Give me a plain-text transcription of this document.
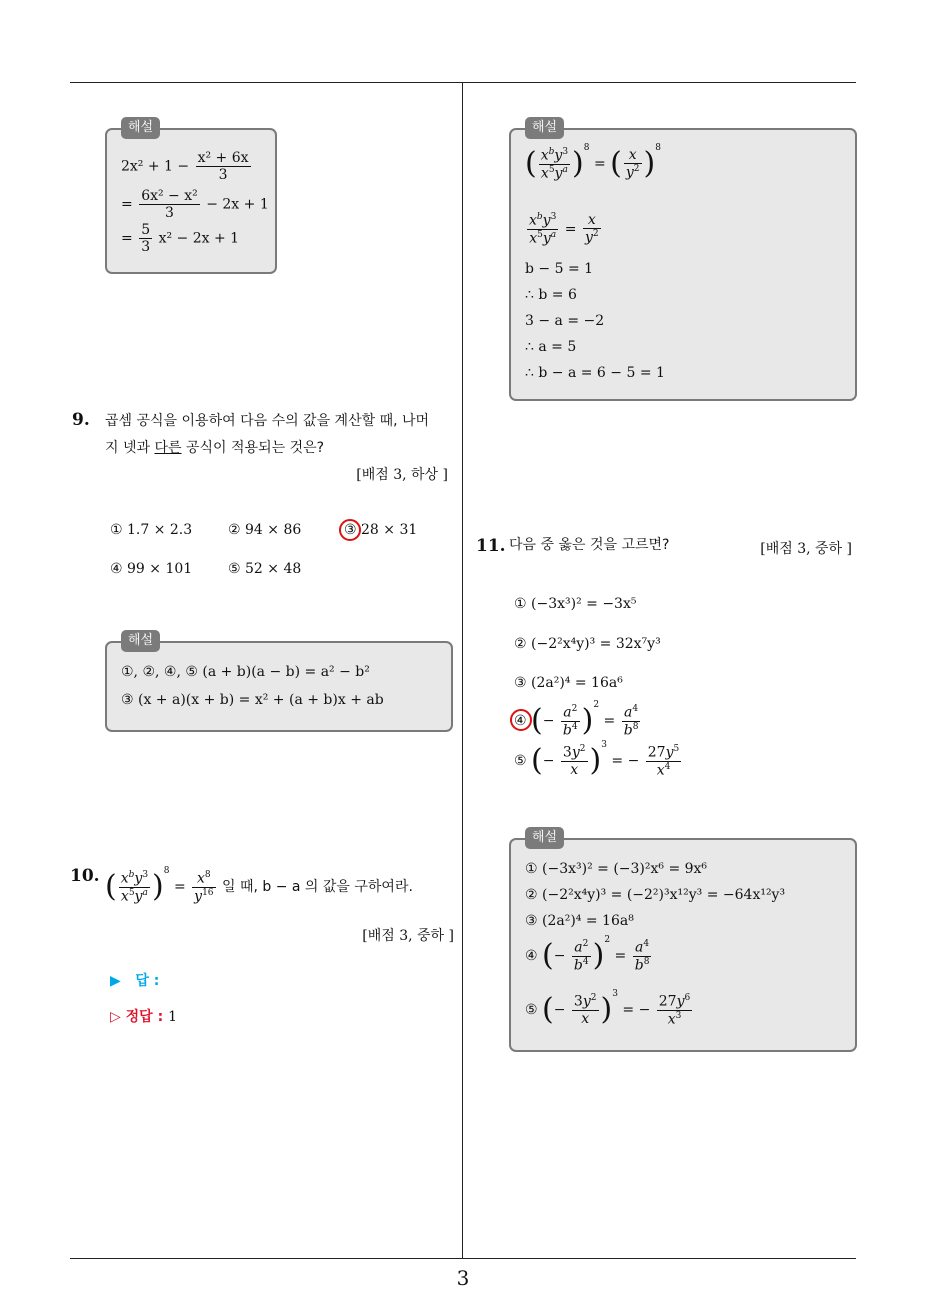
해설
$2x^2 + 1 - \frac{\text{x² + 6x}}{3}$
= $\frac{\text{6x² − x²}}{3} - 2x + 1$
= $\frac{5}{3} x^2 - 2x + 1$
9. 곱셈 공식을 이용하여 다음 수의 값을 계산할 때, 나머
지 넷과 다른 공식이 적용되는 것은?
[배점 3, 하상 ]
① 1.7 × 2.3	② 94 × 86	③ 28 × 31
④ 99 × 101	⑤ 52 × 48
해설
①, ②, ④, ⑤ (a + b)(a − b) = a² − b²
③ (x + a)(x + b) = x² + (a + b)x + ab
10. ( $\frac{x^by^3}{x^5y^a} )^8 = \frac{x^8}{y^{16}}$ 일 때, b − a 의 값을 구하여라.
[배점 3, 중하 ]
▶ 답 :
▷ 정답 : 1
해설
( $\frac{x^by^3}{x^5y^a} )^8$ = ( $\frac{x}{y^2} )^8$
$\frac{x^by^3}{x^5y^a} = \frac{x}{y^2}$
b − 5 = 1
∴ b = 6
3 − a = −2
∴ a = 5
∴ b − a = 6 − 5 = 1
11. 다음 중 옳은 것을 고르면?	[배점 3, 중하 ]
① (−3x³)² = −3x⁵
② (−2²x⁴y)³ = 32x⁷y³
③ (2a²)⁴ = 16a⁶
④ (− $\frac{a^2}{b^4} )^2 = \frac{a^4}{b^8}$
⑤ (− $\frac{3y^2}{x} )^3$ = − $\frac{27y^5}{x^4}$
해설
① (−3x³)² = (−3)²x⁶ = 9x⁶
② (−2²x⁴y)³ = (−2²)³x¹²y³ = −64x¹²y³
③ (2a²)⁴ = 16a⁸
④ (− $\frac{a^2}{b^4} )^2 = \frac{a^4}{b^8}$
⑤ (− $\frac{3y^2}{x} )^3$ = − $\frac{27y^6}{x^3}$
3
